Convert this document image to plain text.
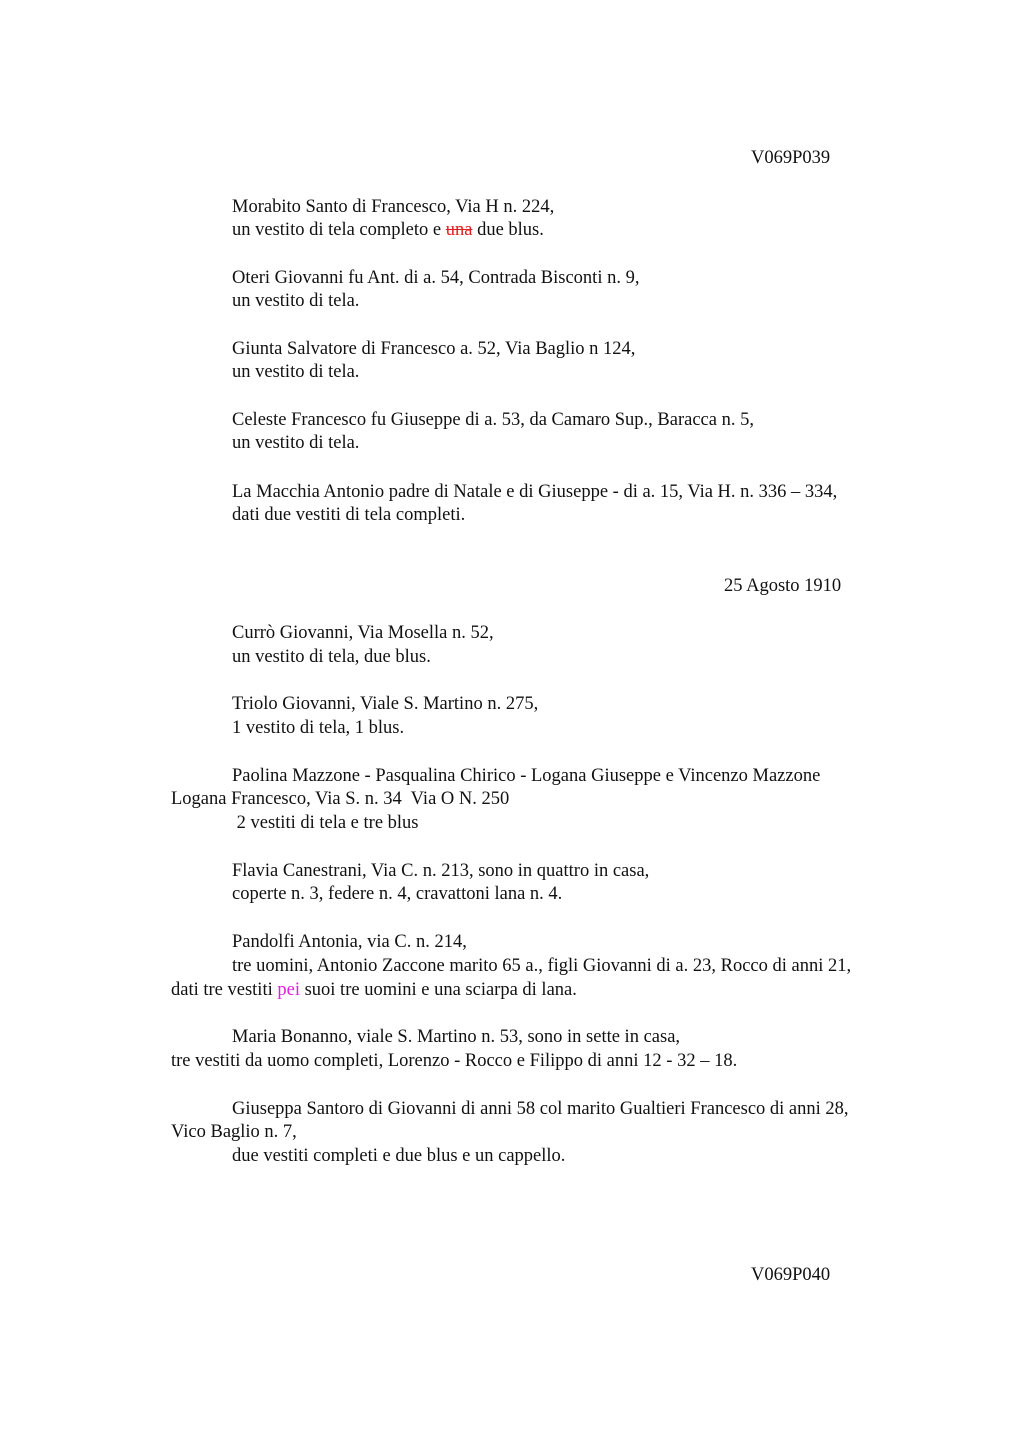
V069P039
Morabito Santo di Francesco, Via H n. 224,
un vestito di tela completo e una due blus.
Oteri Giovanni fu Ant. di a. 54, Contrada Bisconti n. 9,
un vestito di tela.
Giunta Salvatore di Francesco a. 52, Via Baglio n 124,
un vestito di tela.
Celeste Francesco fu Giuseppe di a. 53, da Camaro Sup., Baracca n. 5,
un vestito di tela.
La Macchia Antonio padre di Natale e di Giuseppe - di a. 15, Via H. n. 336 – 334,
dati due vestiti di tela completi.
25 Agosto 1910
Currò Giovanni, Via Mosella n. 52,
un vestito di tela, due blus.
Triolo Giovanni, Viale S. Martino n. 275,
1 vestito di tela, 1 blus.
Paolina Mazzone - Pasqualina Chirico - Logana Giuseppe e Vincenzo Mazzone
Logana Francesco, Via S. n. 34  Via O N. 250
2 vestiti di tela e tre blus
Flavia Canestrani, Via C. n. 213, sono in quattro in casa,
coperte n. 3, federe n. 4, cravattoni lana n. 4.
Pandolfi Antonia, via C. n. 214,
tre uomini, Antonio Zaccone marito 65 a., figli Giovanni di a. 23, Rocco di anni 21,
dati tre vestiti pei suoi tre uomini e una sciarpa di lana.
Maria Bonanno, viale S. Martino n. 53, sono in sette in casa,
tre vestiti da uomo completi, Lorenzo - Rocco e Filippo di anni 12 - 32 – 18.
Giuseppa Santoro di Giovanni di anni 58 col marito Gualtieri Francesco di anni 28,
Vico Baglio n. 7,
due vestiti completi e due blus e un cappello.
V069P040
